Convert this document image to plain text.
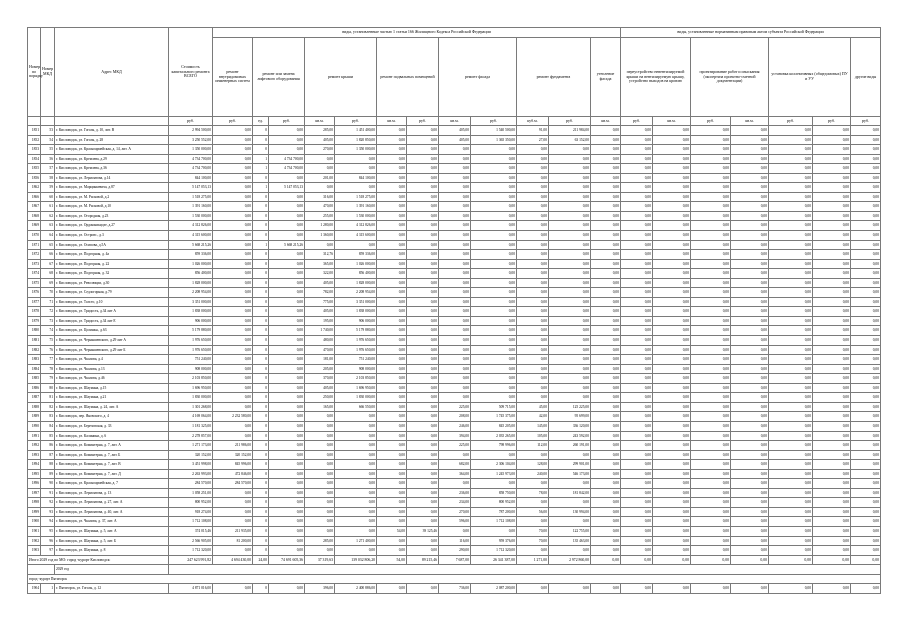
Номер по порядку	Номер МКД	Адрес МКД	Стоимость капитального ремонта ВСЕГО	виды, установленные частью 1 статьи 166 Жилищного Кодекса Российской Федерации												виды, установленные нормативным правовым актом субъекта Российской Федерации						
				ремонт внутридомовых инженерных систем	ремонт или замена лифтового оборудования		ремонт крыши		ремонт подвальных помещений		ремонт фасада		ремонт фундамента		утепление фасада	переустройство невентилируемой крыши на вентилируемую крышу, устройство выходов на кровлю		проектирование работ и изыскания (экспертиза проектно-сметной документации)		установка коллективных (общедомовых) ПУ и УУ		другие виды
			руб.	руб.	ед.	руб.	кв.м.	руб.	кв.м.	руб.	кв.м.	руб.	куб.м.	руб.	кв.м.	руб.	кв.м.	руб.	кв.м.	руб.	руб.	руб.
1851	53	г. Кисловодск, ул. Гоголя, д. 10, лит. В	2 994 500,00	0,00	0	0,00	285,00	1 451 400,00	0,00	0,00	405,00	1 540 500,00	91,00	211 984,00	0,00	0,00	0,00	0,00	0,00	0,00	0,00	0,00
1852	54	г. Кисловодск, ул. Гоголя, д. 28	3 250 552,00	0,00	0	0,00	405,00	1 820 850,00	0,00	0,00	405,00	1 365 350,00	27,00	63 152,00	0,00	0,00	0,00	0,00	0,00	0,00	0,00	0,00
1853	55	г. Кисловодск, ул. Красноармейская, д. 14, лит. А	1 350 000,00	0,00	0	0,00	270,00	1 350 000,00	0,00	0,00	0,00	0,00	0,00	0,00	0,00	0,00	0,00	0,00	0,00	0,00	0,00	0,00
1854	56	г. Кисловодск, ул. Кремлева, д.29	4 734 700,00	0,00	1	4 734 700,00	0,00	0,00	0,00	0,00	0,00	0,00	0,00	0,00	0,00	0,00	0,00	0,00	0,00	0,00	0,00	0,00
1855	57	г. Кисловодск, ул. Кремлева, д.36	4 734 700,00	0,00	1	4 734 700,00	0,00	0,00	0,00	0,00	0,00	0,00	0,00	0,00	0,00	0,00	0,00	0,00	0,00	0,00	0,00	0,00
1856	58	г. Кисловодск, ул. Лермонтова, д.14	844 100,00	0,00	0	0,00	201,00	844 100,00	0,00	0,00	0,00	0,00	0,00	0,00	0,00	0,00	0,00	0,00	0,00	0,00	0,00	0,00
1862	59	г. Кисловодск, ул. Марцинкевича, д.87	5 147 053,13	0,00	1	5 147 053,13	0,00	0,00	0,00	0,00	0,00	0,00	0,00	0,00	0,00	0,00	0,00	0,00	0,00	0,00	0,00	0,00
1866	60	г. Кисловодск, ул. М. Расковой, д.2	1 518 275,00	0,00	0	0,00	316,00	1 518 275,00	0,00	0,00	0,00	0,00	0,00	0,00	0,00	0,00	0,00	0,00	0,00	0,00	0,00	0,00
1867	61	г. Кисловодск, ул. М. Расковой, д.10	1 391 160,00	0,00	0	0,00	470,00	1 391 160,00	0,00	0,00	0,00	0,00	0,00	0,00	0,00	0,00	0,00	0,00	0,00	0,00	0,00	0,00
1868	62	г. Кисловодск, ул. Огородная, д.23	1 530 000,00	0,00	0	0,00	255,00	1 530 000,00	0,00	0,00	0,00	0,00	0,00	0,00	0,00	0,00	0,00	0,00	0,00	0,00	0,00	0,00
1869	63	г. Кисловодск, ул. Орджоникидзе, д.27	4 312 826,00	0,00	0	0,00	1 280,00	4 312 826,00	0,00	0,00	0,00	0,00	0,00	0,00	0,00	0,00	0,00	0,00	0,00	0,00	0,00	0,00
1870	64	г. Кисловодск, ул. Островс., д.3	4 315 600,00	0,00	0	0,00	1 360,00	4 315 600,00	0,00	0,00	0,00	0,00	0,00	0,00	0,00	0,00	0,00	0,00	0,00	0,00	0,00	0,00
1871	65	г. Кисловодск, ул. Осипова, д.5А	5 668 215,26	0,00	1	5 668 215,26	0,00	0,00	0,00	0,00	0,00	0,00	0,00	0,00	0,00	0,00	0,00	0,00	0,00	0,00	0,00	0,00
1872	66	г. Кисловодск, ул. Подгорная, д. 4а	859 336,00	0,00	0	0,00	312,76	859 336,00	0,00	0,00	0,00	0,00	0,00	0,00	0,00	0,00	0,00	0,00	0,00	0,00	0,00	0,00
1873	67	г. Кисловодск, ул. Подгорная, д. 22	1 026 000,00	0,00	0	0,00	365,00	1 026 000,00	0,00	0,00	0,00	0,00	0,00	0,00	0,00	0,00	0,00	0,00	0,00	0,00	0,00	0,00
1874	68	г. Кисловодск, ул. Подгорная, д. 32	856 400,00	0,00	0	0,00	322,00	856 400,00	0,00	0,00	0,00	0,00	0,00	0,00	0,00	0,00	0,00	0,00	0,00	0,00	0,00	0,00
1875	69	г. Кисловодск, ул. Революции, д.30	1 828 000,00	0,00	0	0,00	405,00	1 828 000,00	0,00	0,00	0,00	0,00	0,00	0,00	0,00	0,00	0,00	0,00	0,00	0,00	0,00	0,00
1876	70	г. Кисловодск, ул. Седлогорная, д.79	2 208 954,00	0,00	0	0,00	782,00	2 208 954,00	0,00	0,00	0,00	0,00	0,00	0,00	0,00	0,00	0,00	0,00	0,00	0,00	0,00	0,00
1877	71	г. Кисловодск, ул. Толсто, д.10	3 351 000,00	0,00	0	0,00	775,00	3 351 000,00	0,00	0,00	0,00	0,00	0,00	0,00	0,00	0,00	0,00	0,00	0,00	0,00	0,00	0,00
1878	72	г. Кисловодск, ул. Тридость, д.34 лит А	1 838 000,00	0,00	0	0,00	405,00	1 838 000,00	0,00	0,00	0,00	0,00	0,00	0,00	0,00	0,00	0,00	0,00	0,00	0,00	0,00	0,00
1879	73	г. Кисловодск, ул. Тридость, д.34 лит Е	906 000,00	0,00	0	0,00	195,00	906 000,00	0,00	0,00	0,00	0,00	0,00	0,00	0,00	0,00	0,00	0,00	0,00	0,00	0,00	0,00
1880	74	г. Кисловодск, ул. Цолинкн., д.63	5 179 880,00	0,00	0	0,00	1 740,00	5 179 880,00	0,00	0,00	0,00	0,00	0,00	0,00	0,00	0,00	0,00	0,00	0,00	0,00	0,00	0,00
1881	75	г. Кисловодск, ул. Чернышевского, д.29 лит А	1 976 650,00	0,00	0	0,00	480,00	1 976 650,00	0,00	0,00	0,00	0,00	0,00	0,00	0,00	0,00	0,00	0,00	0,00	0,00	0,00	0,00
1882	76	г. Кисловодск, ул. Чернышевского, д.29 лит Б	1 976 650,00	0,00	0	0,00	470,00	1 976 650,00	0,00	0,00	0,00	0,00	0,00	0,00	0,00	0,00	0,00	0,00	0,00	0,00	0,00	0,00
1883	77	г. Кисловодск, ул. Чкалова, д.4	751 240,00	0,00	0	0,00	181,00	751 240,00	0,00	0,00	0,00	0,00	0,00	0,00	0,00	0,00	0,00	0,00	0,00	0,00	0,00	0,00
1884	78	г. Кисловодск, ул. Чкалова, д.13	908 000,00	0,00	0	0,00	205,00	908 000,00	0,00	0,00	0,00	0,00	0,00	0,00	0,00	0,00	0,00	0,00	0,00	0,00	0,00	0,00
1885	79	г. Кисловодск, ул. Чкалова, д.46	2 103 850,00	0,00	0	0,00	370,00	2 103 850,00	0,00	0,00	0,00	0,00	0,00	0,00	0,00	0,00	0,00	0,00	0,00	0,00	0,00	0,00
1886	80	г. Кисловодск, ул. Шаумяна, д.15	1 696 950,00	0,00	0	0,00	405,00	1 696 950,00	0,00	0,00	0,00	0,00	0,00	0,00	0,00	0,00	0,00	0,00	0,00	0,00	0,00	0,00
1887	81	г. Кисловодск, ул. Шаумяна, д.21	1 830 000,00	0,00	0	0,00	250,00	1 830 000,00	0,00	0,00	0,00	0,00	0,00	0,00	0,00	0,00	0,00	0,00	0,00	0,00	0,00	0,00
1888	82	г. Кисловодск, ул. Шаумяна, д. 24, лит. А	1 301 268,00	0,00	0	0,00	165,00	666 550,00	0,00	0,00	225,00	509 715,00	45,00	125 225,00	0,00	0,00	0,00	0,00	0,00	0,00	0,00	0,00
1889	83	г. Кисловодск, пер. Яновского, д. 4	4 169 064,00	2 232 580,00	0	0,00	0,00	0,00	0,00	0,00	208,00	1 745 375,00	42,00	95 699,00	0,00	0,00	0,00	0,00	0,00	0,00	0,00	0,00
1890	84	г. Кисловодск, ул. Березовская, д. 33	1 181 325,00	0,00	0	0,00	0,00	0,00	0,00	0,00	246,00	845 205,00	145,00	336 120,00	0,00	0,00	0,00	0,00	0,00	0,00	0,00	0,00
1891	85	г. Кисловодск, ул. Калинина, д. 6	2 278 857,00	0,00	0	0,00	0,00	0,00	0,00	0,00	394,00	2 035 265,00	105,00	243 592,00	0,00	0,00	0,00	0,00	0,00	0,00	0,00	0,00
1892	86	г. Кисловодск, ул. Коминтерна, д. 7, лит. А	1 271 173,00	211 986,00	0	0,00	0,00	0,00	0,00	0,00	225,00	798 996,00	112,00	260 191,00	0,00	0,00	0,00	0,00	0,00	0,00	0,00	0,00
1893	87	г. Кисловодск, ул. Коминтерна, д. 7, лит. Б	320 152,00	320 152,00	0	0,00	0,00	0,00	0,00	0,00	0,00	0,00	0,00	0,00	0,00	0,00	0,00	0,00	0,00	0,00	0,00	0,00
1894	88	г. Кисловодск, ул. Коминтерна, д. 7, лит. В	3 451 998,00	845 996,00	0	0,00	0,00	0,00	0,00	0,00	682,00	2 306 104,00	128,00	299 901,00	0,00	0,00	0,00	0,00	0,00	0,00	0,00	0,00
1895	89	г. Кисловодск, ул. Коминтерна, д. 7, лит. Д	2 263 993,00	472 846,00	0	0,00	0,00	0,00	0,00	0,00	364,00	1 245 973,00	240,00	546 173,00	0,00	0,00	0,00	0,00	0,00	0,00	0,00	0,00
1896	90	г. Кисловодск, ул. Красноармейская, д. 7	284 570,00	284 570,00	0	0,00	0,00	0,00	0,00	0,00	0,00	0,00	0,00	0,00	0,00	0,00	0,00	0,00	0,00	0,00	0,00	0,00
1897	91	г. Кисловодск, ул. Лермонтова, д. 13	1 058 251,00	0,00	0	0,00	0,00	0,00	0,00	0,00	236,00	858 750,00	78,00	181 842,00	0,00	0,00	0,00	0,00	0,00	0,00	0,00	0,00
1898	92	г. Кисловодск, ул. Лермонтова, д. 27, лит. А	800 952,00	0,00	0	0,00	0,00	0,00	0,00	0,00	234,00	800 952,00	0,00	0,00	0,00	0,00	0,00	0,00	0,00	0,00	0,00	0,00
1899	93	г. Кисловодск, ул. Лермонтова, д. 40, лит. А	918 274,00	0,00	0	0,00	0,00	0,00	0,00	0,00	270,00	787 200,00	56,00	130 994,00	0,00	0,00	0,00	0,00	0,00	0,00	0,00	0,00
1900	94	г. Кисловодск, ул. Чкалова, д. 37, лит. А	1 712 108,00	0,00	0	0,00	0,00	0,00	0,00	0,00	596,00	1 712 108,00	0,00	0,00	0,00	0,00	0,00	0,00	0,00	0,00	0,00	0,00
1901	95	г. Кисловодск, ул. Шаумяна, д. 5, лит. А	374 015,46	211 935,00	0	0,00	0,00	0,00	54,00	39 125,46	0,00	0,00	70,00	122 755,00	0,00	0,00	0,00	0,00	0,00	0,00	0,00	0,00
1902	96	г. Кисловодск, ул. Шаумяна, д. 5, лит. Б	2 566 905,00	81 200,00	0	0,00	285,00	1 271 400,00	0,00	0,00	116,00	959 376,00	70,00	135 463,00	0,00	0,00	0,00	0,00	0,00	0,00	0,00	0,00
1903	97	г. Кисловодск, ул. Шаумяна, д. 8	1 712 320,00	0,00	0	0,00	0,00	0,00	0,00	0,00	290,00	1 712 320,00	0,00	0,00	0,00	0,00	0,00	0,00	0,00	0,00	0,00	0,00
Итого 2029 год по МО: город -курорт Кисловодск:			247 623 991,82	4 694 430,00	24,00	74 691 605,36	37 319,63	139 032 806,20	54,00	89 215,46	7 687,00	26 341 387,00	1 271,00	2 972 860,00	0,00	0,00	0,00	0,00	0,00	0,00	0,00	0,00
		2029 год																				
город -курорт Пятигорск																						
1904	1	г. Пятигорск, ул. Гоголя, д. 12	4 871 016,00	0,00	0	0,00	396,00	2 400 886,00	0,00	0,00	736,00	2 087 200,00	0,00	0,00	0,00	0,00	0,00	0,00	0,00	0,00	0,00	0,00
